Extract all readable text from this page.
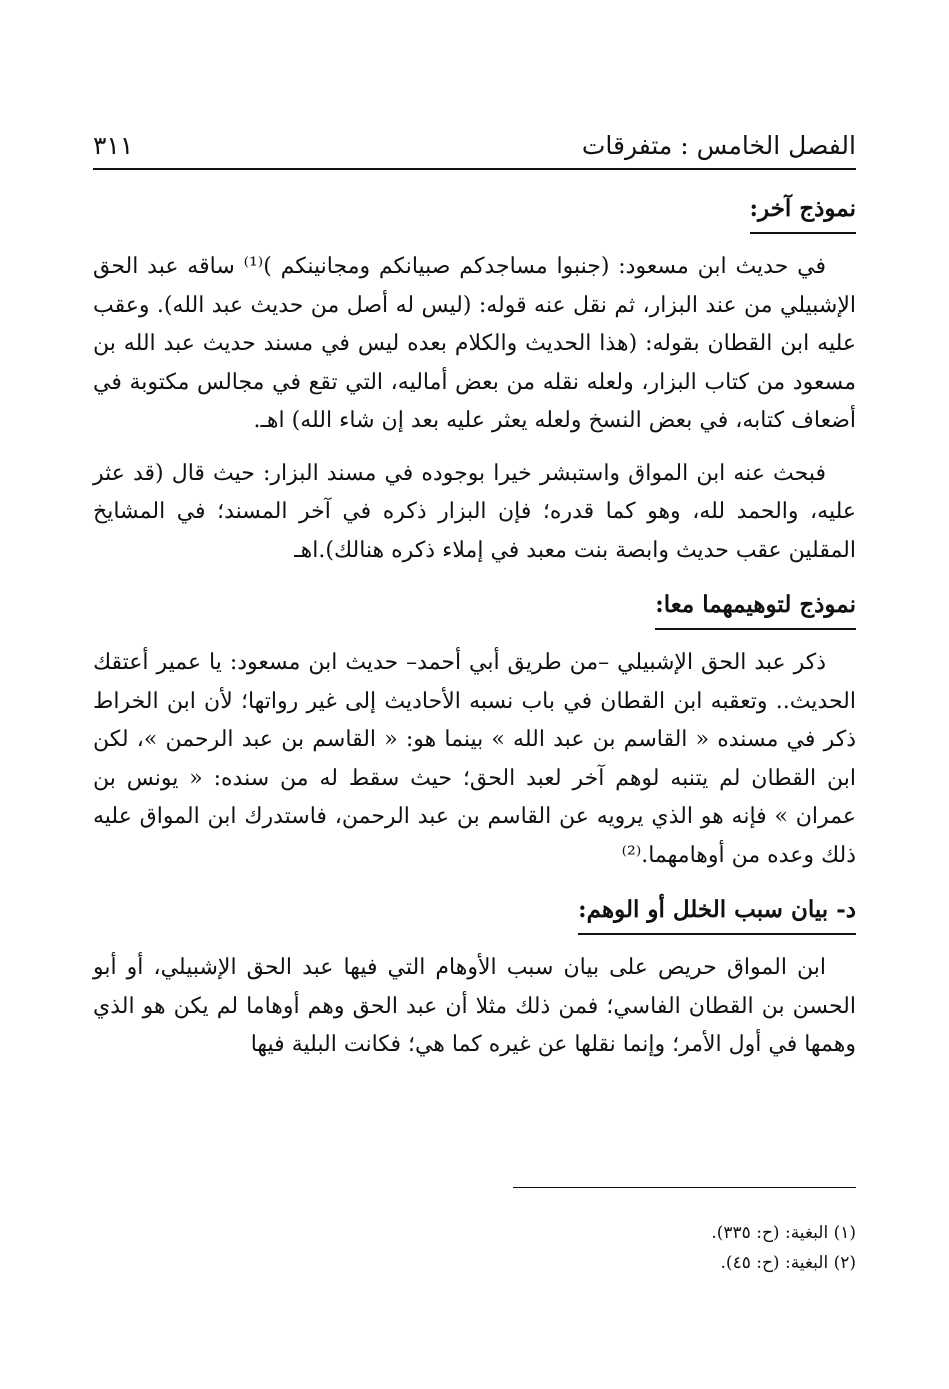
الفصل الخامس : متفرقات
٣١١
نموذج آخر:

في حديث ابن مسعود: (جنبوا مساجدكم صبيانكم ومجانينكم )⁽¹⁾ ساقه عبد الحق الإشبيلي من عند البزار، ثم نقل عنه قوله: (ليس له أصل من حديث عبد الله). وعقب عليه ابن القطان بقوله: (هذا الحديث والكلام بعده ليس في مسند حديث عبد الله بن مسعود من كتاب البزار، ولعله نقله من بعض أماليه، التي تقع في مجالس مكتوبة في أضعاف كتابه، في بعض النسخ ولعله يعثر عليه بعد إن شاء الله) اهـ.

فبحث عنه ابن المواق واستبشر خيرا بوجوده في مسند البزار: حيث قال (قد عثر عليه، والحمد لله، وهو كما قدره؛ فإن البزار ذكره في آخر المسند؛ في المشايخ المقلين عقب حديث وابصة بنت معبد في إملاء ذكره هنالك).اهـ

نموذج لتوهيمهما معا:

ذكر عبد الحق الإشبيلي –من طريق أبي أحمد– حديث ابن مسعود: يا عمير أعتقك الحديث.. وتعقبه ابن القطان في باب نسبه الأحاديث إلى غير رواتها؛ لأن ابن الخراط ذكر في مسنده « القاسم بن عبد الله » بينما هو: « القاسم بن عبد الرحمن »، لكن ابن القطان لم يتنبه لوهم آخر لعبد الحق؛ حيث سقط له من سنده: « يونس بن عمران » فإنه هو الذي يرويه عن القاسم بن عبد الرحمن، فاستدرك ابن المواق عليه ذلك وعده من أوهامهما.⁽²⁾

د- بيان سبب الخلل أو الوهم:

ابن المواق حريص على بيان سبب الأوهام التي فيها عبد الحق الإشبيلي، أو أبو الحسن بن القطان الفاسي؛ فمن ذلك مثلا أن عبد الحق وهم أوهاما لم يكن هو الذي وهمها في أول الأمر؛ وإنما نقلها عن غيره كما هي؛ فكانت البلية فيها

(١) البغية: (ح: ٣٣٥).

(٢) البغية: (ح: ٤٥).
